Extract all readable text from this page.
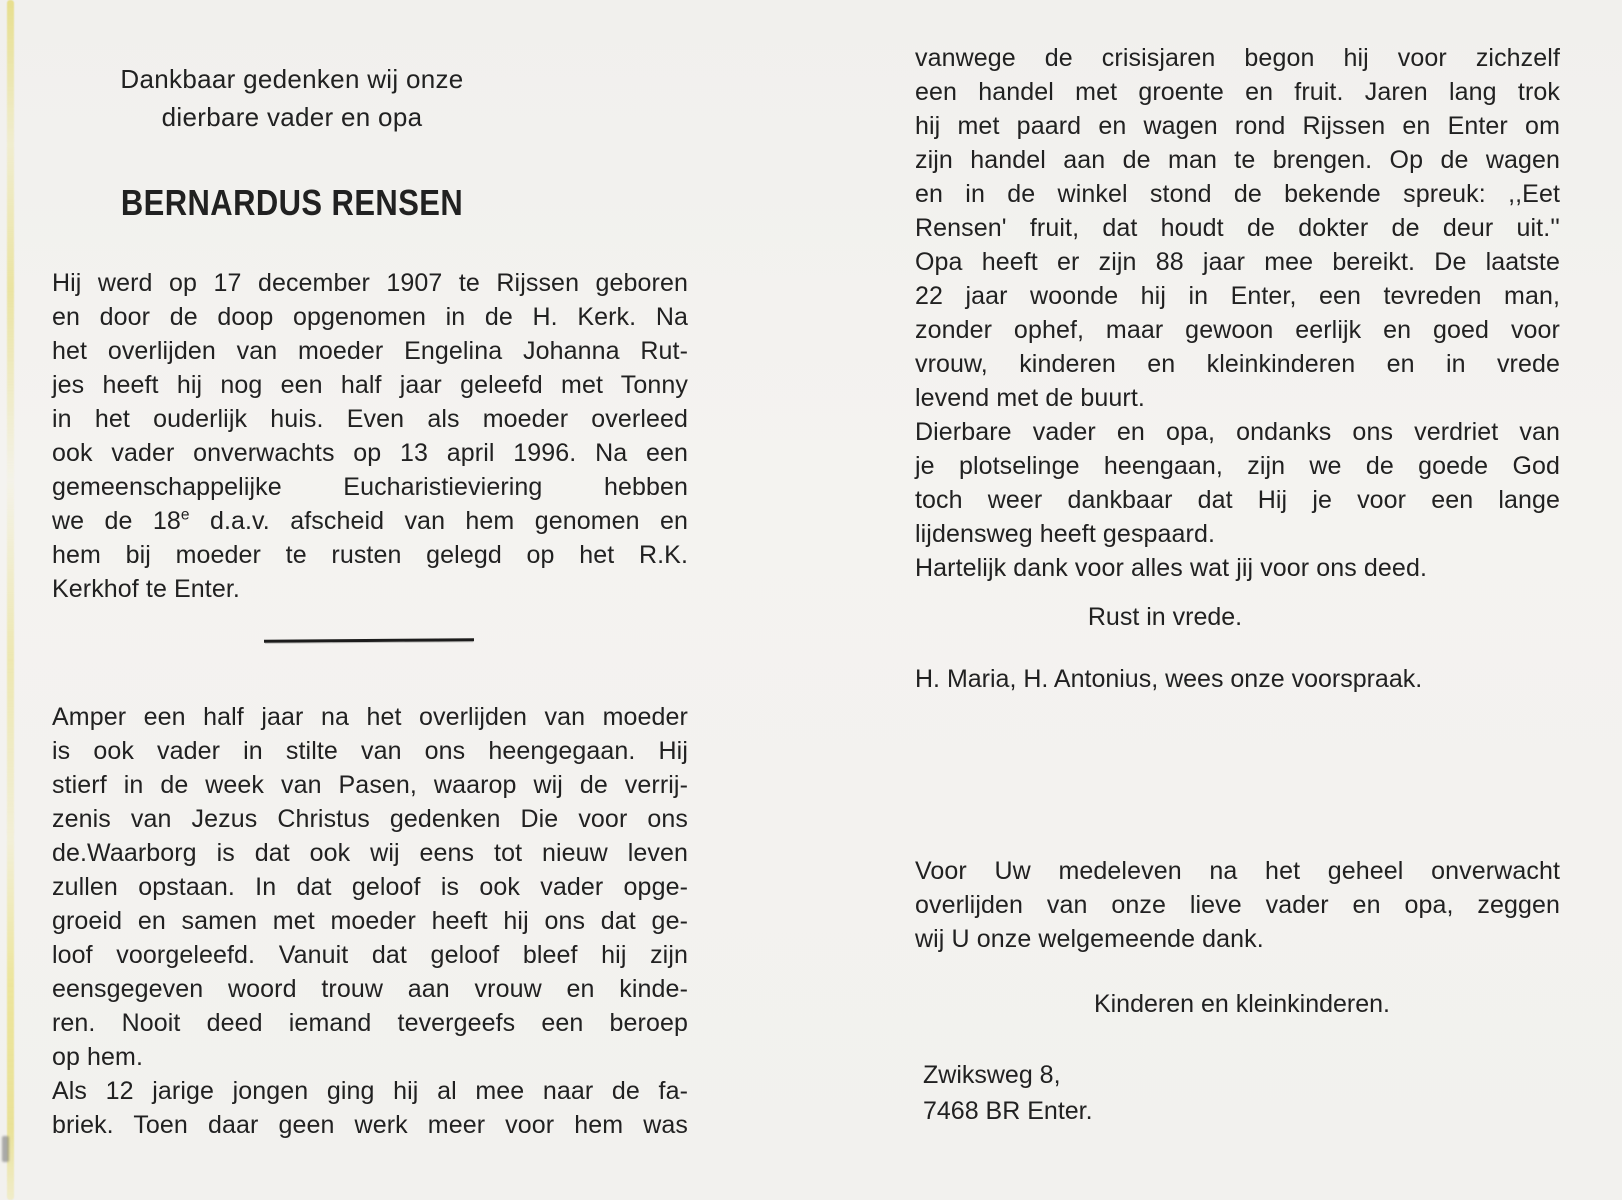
Dankbaar gedenken wij onze
dierbare vader en opa
BERNARDUS RENSEN
Hij werd op 17 december 1907 te Rijssen geboren
en door de doop opgenomen in de H. Kerk. Na
het overlijden van moeder Engelina Johanna Rut-
jes heeft hij nog een half jaar geleefd met Tonny
in het ouderlijk huis. Even als moeder overleed
ook vader onverwachts op 13 april 1996. Na een
gemeenschappelijke Eucharistieviering hebben
we de 18e d.a.v. afscheid van hem genomen en
hem bij moeder te rusten gelegd op het R.K.
Kerkhof te Enter.
Amper een half jaar na het overlijden van moeder
is ook vader in stilte van ons heengegaan. Hij
stierf in de week van Pasen, waarop wij de verrij-
zenis van Jezus Christus gedenken Die voor ons
de.Waarborg is dat ook wij eens tot nieuw leven
zullen opstaan. In dat geloof is ook vader opge-
groeid en samen met moeder heeft hij ons dat ge-
loof voorgeleefd. Vanuit dat geloof bleef hij zijn
eensgegeven woord trouw aan vrouw en kinde-
ren. Nooit deed iemand tevergeefs een beroep
op hem.
Als 12 jarige jongen ging hij al mee naar de fa-
briek. Toen daar geen werk meer voor hem was
vanwege de crisisjaren begon hij voor zichzelf
een handel met groente en fruit. Jaren lang trok
hij met paard en wagen rond Rijssen en Enter om
zijn handel aan de man te brengen. Op de wagen
en in de winkel stond de bekende spreuk: ,,Eet
Rensen' fruit, dat houdt de dokter de deur uit.''
Opa heeft er zijn 88 jaar mee bereikt. De laatste
22 jaar woonde hij in Enter, een tevreden man,
zonder ophef, maar gewoon eerlijk en goed voor
vrouw, kinderen en kleinkinderen en in vrede
levend met de buurt.
Dierbare vader en opa, ondanks ons verdriet van
je plotselinge heengaan, zijn we de goede God
toch weer dankbaar dat Hij je voor een lange
lijdensweg heeft gespaard.
Hartelijk dank voor alles wat jij voor ons deed.
Rust in vrede.
H. Maria, H. Antonius, wees onze voorspraak.
Voor Uw medeleven na het geheel onverwacht
overlijden van onze lieve vader en opa, zeggen
wij U onze welgemeende dank.
Kinderen en kleinkinderen.
Zwiksweg 8,
7468 BR Enter.
